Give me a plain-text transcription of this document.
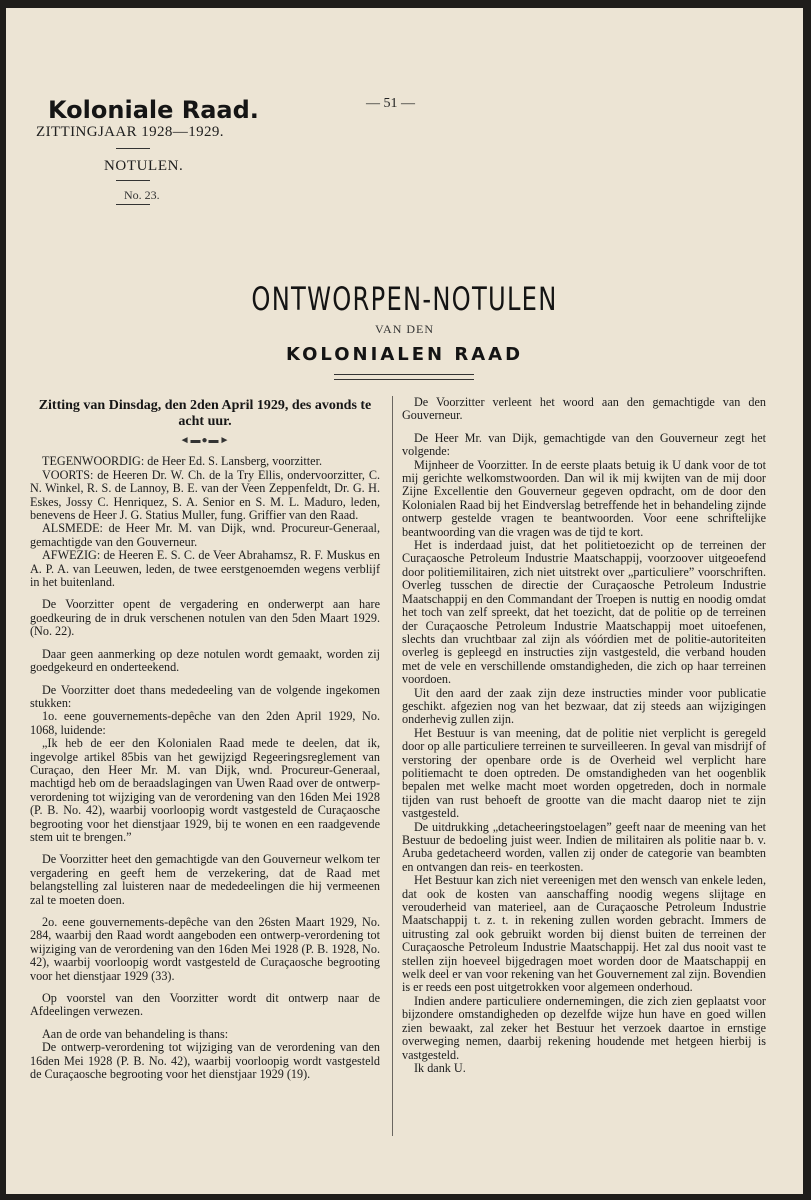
Koloniale Raad.
ZITTINGJAAR 1928—1929.
— 51 —
NOTULEN.
No. 23.
ONTWORPEN-NOTULEN
VAN DEN
KOLONIALEN RAAD
Zitting van Dinsdag, den 2den April 1929, des avonds te acht uur.
◄▬●▬►

TEGENWOORDIG: de Heer Ed. S. Lansberg, voorzitter.

VOORTS: de Heeren Dr. W. Ch. de la Try Ellis, ondervoorzitter, C. N. Winkel, R. S. de Lannoy, B. E. van der Veen Zeppenfeldt, Dr. G. H. Eskes, Jossy C. Henriquez, S. A. Senior en S. M. L. Maduro, leden, benevens de Heer J. G. Statius Muller, fung. Griffier van den Raad.

ALSMEDE: de Heer Mr. M. van Dijk, wnd. Procureur-Generaal, gemachtigde van den Gouverneur.

AFWEZIG: de Heeren E. S. C. de Veer Abrahamsz, R. F. Muskus en A. P. A. van Leeuwen, leden, de twee eerstgenoemden wegens verblijf in het buitenland.

De Voorzitter opent de vergadering en onderwerpt aan hare goedkeuring de in druk verschenen notulen van den 5den Maart 1929. (No. 22).

Daar geen aanmerking op deze notulen wordt gemaakt, worden zij goedgekeurd en onderteekend.

De Voorzitter doet thans mededeeling van de volgende ingekomen stukken:

1o. eene gouvernements-depêche van den 2den April 1929, No. 1068, luidende:

„Ik heb de eer den Kolonialen Raad mede te deelen, dat ik, ingevolge artikel 85bis van het gewijzigd Regeeringsreglement van Curaçao, den Heer Mr. M. van Dijk, wnd. Procureur-Generaal, machtigd heb om de beraadslagingen van Uwen Raad over de ontwerp-verordening tot wijziging van de verordening van den 16den Mei 1928 (P. B. No. 42), waarbij voorloopig wordt vastgesteld de Curaçaosche begrooting voor het dienstjaar 1929, bij te wonen en een raadgevende stem uit te brengen.”

De Voorzitter heet den gemachtigde van den Gouverneur welkom ter vergadering en geeft hem de verzekering, dat de Raad met belangstelling zal luisteren naar de mededeelingen die hij vermeenen zal te moeten doen.

2o. eene gouvernements-depêche van den 26sten Maart 1929, No. 284, waarbij den Raad wordt aangeboden een ontwerp-verordening tot wijziging van de verordening van den 16den Mei 1928 (P. B. 1928, No. 42), waarbij voorloopig wordt vastgesteld de Curaçaosche begrooting voor het dienstjaar 1929 (33).

Op voorstel van den Voorzitter wordt dit ontwerp naar de Afdeelingen verwezen.

Aan de orde van behandeling is thans:

De ontwerp-verordening tot wijziging van de verordening van den 16den Mei 1928 (P. B. No. 42), waarbij voorloopig wordt vastgesteld de Curaçaosche begrooting voor het dienstjaar 1929 (19).

De Voorzitter verleent het woord aan den gemachtigde van den Gouverneur.

De Heer Mr. van Dijk, gemachtigde van den Gouverneur zegt het volgende:

Mijnheer de Voorzitter. In de eerste plaats betuig ik U dank voor de tot mij gerichte welkomstwoorden. Dan wil ik mij kwijten van de mij door Zijne Excellentie den Gouverneur gegeven opdracht, om de door den Kolonialen Raad bij het Eindverslag betreffende het in behandeling zijnde ontwerp gestelde vragen te beantwoorden. Voor eene schriftelijke beantwoording van die vragen was de tijd te kort.

Het is inderdaad juist, dat het politietoezicht op de terreinen der Curaçaosche Petroleum Industrie Maatschappij, voorzoover uitgeoefend door politiemilitairen, zich niet uitstrekt over „particuliere” voorschriften. Overleg tusschen de directie der Curaçaosche Petroleum Industrie Maatschappij en den Commandant der Troepen is nuttig en noodig omdat het toch van zelf spreekt, dat het toezicht, dat de politie op de terreinen der Curaçaosche Petroleum Industrie Maatschappij moet uitoefenen, slechts dan vruchtbaar zal zijn als vóórdien met de politie-autoriteiten overleg is gepleegd en instructies zijn vastgesteld, die verband houden met de vele en verschillende omstandigheden, die zich op haar terreinen voordoen.

Uit den aard der zaak zijn deze instructies minder voor publicatie geschikt. afgezien nog van het bezwaar, dat zij steeds aan wijzigingen onderhevig zullen zijn.

Het Bestuur is van meening, dat de politie niet verplicht is geregeld door op alle particuliere terreinen te surveilleeren. In geval van misdrijf of verstoring der openbare orde is de Overheid wel verplicht hare politiemacht te doen optreden. De omstandigheden van het oogenblik bepalen met welke macht moet worden opgetreden, doch in normale tijden van rust behoeft de grootte van die macht daarop niet te zijn vastgesteld.

De uitdrukking „detacheeringstoelagen” geeft naar de meening van het Bestuur de bedoeling juist weer. Indien de militairen als politie naar b. v. Aruba gedetacheerd worden, vallen zij onder de categorie van beambten en ontvangen dan reis- en teerkosten.

Het Bestuur kan zich niet vereenigen met den wensch van enkele leden, dat ook de kosten van aanschaffing noodig wegens slijtage en verouderheid van materieel, aan de Curaçaosche Petroleum Industrie Maatschappij t. z. t. in rekening zullen worden gebracht. Immers de uitrusting zal ook gebruikt worden bij dienst buiten de terreinen der Curaçaosche Petroleum Industrie Maatschappij. Het zal dus nooit vast te stellen zijn hoeveel bijgedragen moet worden door de Maatschappij en welk deel er van voor rekening van het Gouvernement zal zijn. Bovendien is er reeds een post uitgetrokken voor algemeen onderhoud.

Indien andere particuliere ondernemingen, die zich zien geplaatst voor bijzondere omstandigheden op dezelfde wijze hun have en goed willen zien bewaakt, zal zeker het Bestuur het verzoek daartoe in ernstige overweging nemen, daarbij rekening houdende met hetgeen hierbij is vastgesteld.

Ik dank U.
